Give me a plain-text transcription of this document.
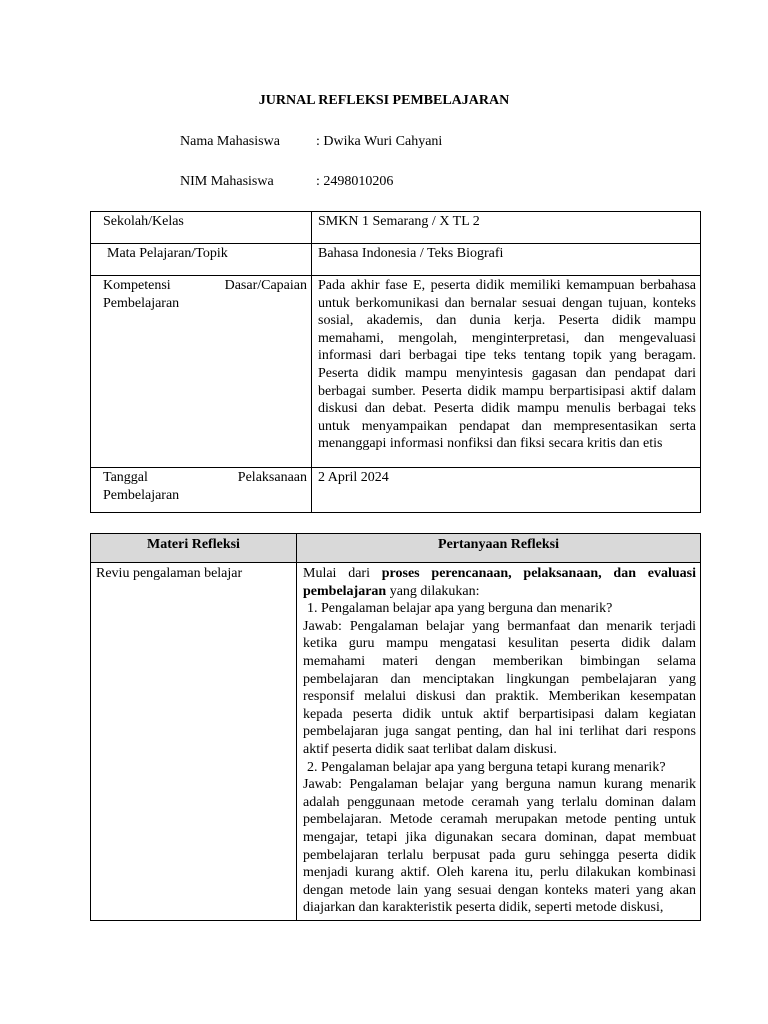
JURNAL REFLEKSI PEMBELAJARAN
Nama Mahasiswa	: Dwika Wuri Cahyani
NIM Mahasiswa	: 2498010206
Sekolah/Kelas	SMKN 1 Semarang / X TL 2
Mata Pelajaran/Topik	Bahasa Indonesia / Teks Biografi

Kompetensi Dasar/Capaian
Pembelajaran	Pada akhir fase E, peserta didik memiliki kemampuan berbahasa untuk berkomunikasi dan bernalar sesuai dengan tujuan, konteks sosial, akademis, dan dunia kerja. Peserta didik mampu memahami, mengolah, menginterpretasi, dan mengevaluasi informasi dari berbagai tipe teks tentang topik yang beragam. Peserta didik mampu menyintesis gagasan dan pendapat dari berbagai sumber. Peserta didik mampu berpartisipasi aktif dalam diskusi dan debat. Peserta didik mampu menulis berbagai teks untuk menyampaikan pendapat dan mempresentasikan serta menanggapi informasi nonfiksi dan fiksi secara kritis dan etis

Tanggal Pelaksanaan
Pembelajaran	2 April 2024
Materi Refleksi	Pertanyaan Refleksi

Reviu pengalaman belajar	Mulai dari proses perencanaan, pelaksanaan, dan evaluasi pembelajaran yang dilakukan:
1. Pengalaman belajar apa yang berguna dan menarik?
Jawab: Pengalaman belajar yang bermanfaat dan menarik terjadi ketika guru mampu mengatasi kesulitan peserta didik dalam memahami materi dengan memberikan bimbingan selama pembelajaran dan menciptakan lingkungan pembelajaran yang responsif melalui diskusi dan praktik. Memberikan kesempatan kepada peserta didik untuk aktif berpartisipasi dalam kegiatan pembelajaran juga sangat penting, dan hal ini terlihat dari respons aktif peserta didik saat terlibat dalam diskusi.
2. Pengalaman belajar apa yang berguna tetapi kurang menarik?
Jawab: Pengalaman belajar yang berguna namun kurang menarik adalah penggunaan metode ceramah yang terlalu dominan dalam pembelajaran. Metode ceramah merupakan metode penting untuk mengajar, tetapi jika digunakan secara dominan, dapat membuat pembelajaran terlalu berpusat pada guru sehingga peserta didik menjadi kurang aktif. Oleh karena itu, perlu dilakukan kombinasi dengan metode lain yang sesuai dengan konteks materi yang akan diajarkan dan karakteristik peserta didik, seperti metode diskusi,
